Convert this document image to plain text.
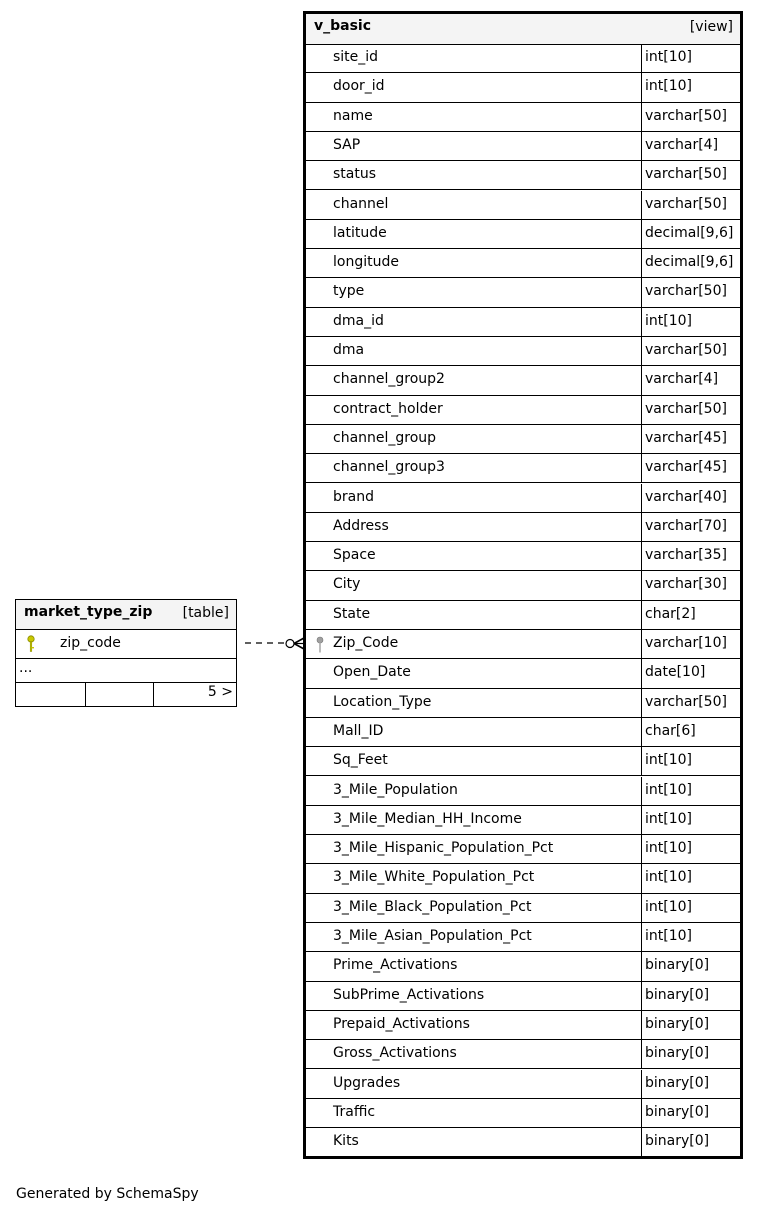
market_type_zip [table]
zip_code
...
5 >
v_basic	[view]
site_id	int[10]
door_id	int[10]
name	varchar[50]
SAP	varchar[4]
status	varchar[50]
channel	varchar[50]
latitude	decimal[9,6]
longitude	decimal[9,6]
type	varchar[50]
dma_id	int[10]
dma	varchar[50]
channel_group2	varchar[4]
contract_holder	varchar[50]
channel_group	varchar[45]
channel_group3	varchar[45]
brand	varchar[40]
Address	varchar[70]
Space	varchar[35]
City	varchar[30]
State	char[2]
Zip_Code	varchar[10]
Open_Date	date[10]
Location_Type	varchar[50]
Mall_ID	char[6]
Sq_Feet	int[10]
3_Mile_Population	int[10]
3_Mile_Median_HH_Income	int[10]
3_Mile_Hispanic_Population_Pct	int[10]
3_Mile_White_Population_Pct	int[10]
3_Mile_Black_Population_Pct	int[10]
3_Mile_Asian_Population_Pct	int[10]
Prime_Activations	binary[0]
SubPrime_Activations	binary[0]
Prepaid_Activations	binary[0]
Gross_Activations	binary[0]
Upgrades	binary[0]
Traffic	binary[0]
Kits	binary[0]
Generated by SchemaSpy
